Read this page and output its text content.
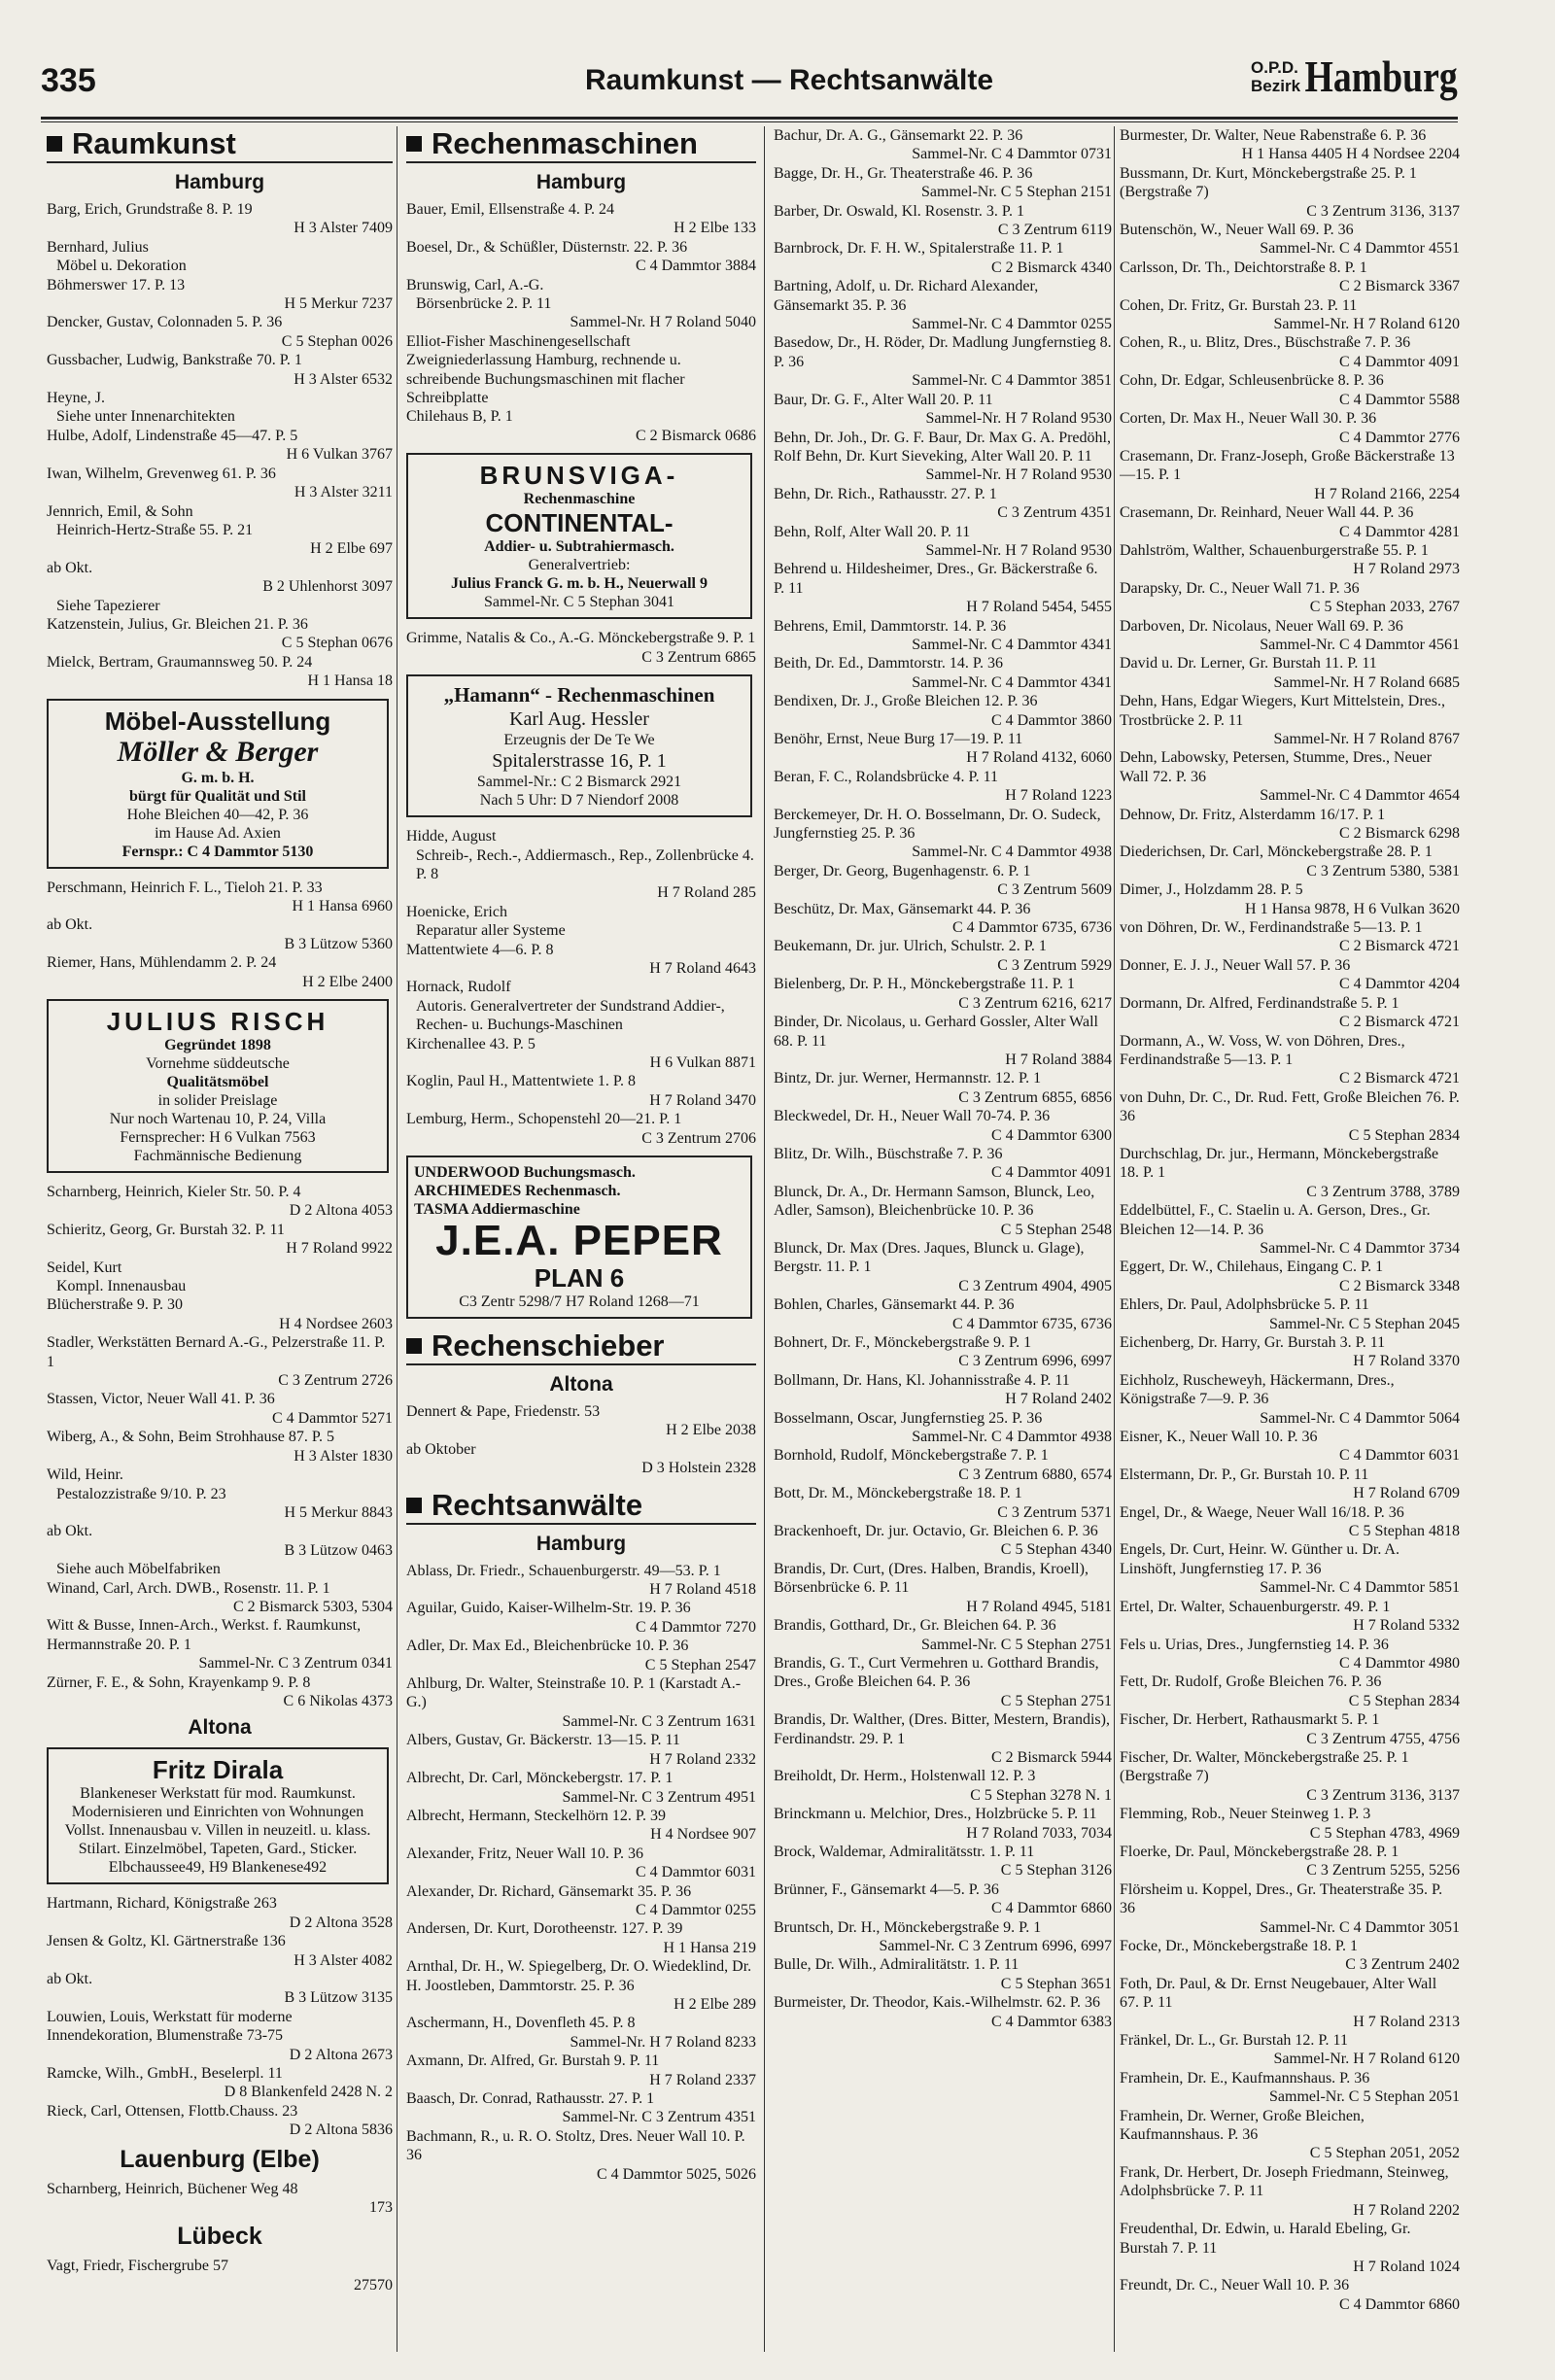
335	Raumkunst — Rechtsanwälte	O.P.D.
Bezirk Hamburg
Raumkunst
Hamburg

Barg, Erich, Grundstraße 8. P. 19

H 3 Alster 7409

Bernhard, Julius

Möbel u. Dekoration

Böhmerswег 17. P. 13

H 5 Merkur 7237

Dencker, Gustav, Colonnaden 5. P. 36

C 5 Stephan 0026

Gussbacher, Ludwig, Bankstraße 70. P. 1

H 3 Alster 6532

Heyne, J.

Siehe unter Innenarchitekten

Hulbe, Adolf, Lindenstraße 45—47. P. 5

H 6 Vulkan 3767

Iwan, Wilhelm, Grevenweg 61. P. 36

H 3 Alster 3211

Jennrich, Emil, & Sohn

Heinrich-Hertz-Straße 55. P. 21

H 2 Elbe 697

ab Okt.

B 2 Uhlenhorst 3097

Siehe Tapezierer

Katzenstein, Julius, Gr. Bleichen 21. P. 36

C 5 Stephan 0676

Mielck, Bertram, Graumannsweg 50. P. 24

H 1 Hansa 18

Möbel-Ausstellung

Möller & Berger

G. m. b. H.

bürgt für Qualität und Stil

Hohe Bleichen 40—42, P. 36

im Hause Ad. Axien

Fernspr.: C 4 Dammtor 5130

Perschmann, Heinrich F. L., Tieloh 21. P. 33

H 1 Hansa 6960

ab Okt.

B 3 Lützow 5360

Riemer, Hans, Mühlendamm 2. P. 24

H 2 Elbe 2400

JULIUS RISCH

Gegründet 1898

Vornehme süddeutsche

Qualitätsmöbel

in solider Preislage

Nur noch Wartenau 10, P. 24, Villa

Fernsprecher: H 6 Vulkan 7563

Fachmännische Bedienung

Scharnberg, Heinrich, Kieler Str. 50. P. 4

D 2 Altona 4053

Schieritz, Georg, Gr. Burstah 32. P. 11

H 7 Roland 9922

Seidel, Kurt

Kompl. Innenausbau

Blücherstraße 9. P. 30

H 4 Nordsee 2603

Stadler, Werkstätten Bernard A.-G., Pelzerstraße 11. P. 1

C 3 Zentrum 2726

Stassen, Victor, Neuer Wall 41. P. 36

C 4 Dammtor 5271

Wiberg, A., & Sohn, Beim Strohhause 87. P. 5

H 3 Alster 1830

Wild, Heinr.

Pestalozzistraße 9/10. P. 23

H 5 Merkur 8843

ab Okt.

B 3 Lützow 0463

Siehe auch Möbelfabriken

Winand, Carl, Arch. DWB., Rosenstr. 11. P. 1

C 2 Bismarck 5303, 5304

Witt & Busse, Innen-Arch., Werkst. f. Raumkunst, Hermannstraße 20. P. 1

Sammel-Nr. C 3 Zentrum 0341

Zürner, F. E., & Sohn, Krayenkamp 9. P. 8

C 6 Nikolas 4373

Altona

Fritz Dirala

Blankeneser Werkstatt für mod. Raumkunst. Modernisieren und Einrichten von Wohnungen Vollst. Innenausbau v. Villen in neuzeitl. u. klass. Stilart. Einzelmöbel, Tapeten, Gard., Sticker.

Elbchaussee49, H9 Blankenese492

Hartmann, Richard, Königstraße 263

D 2 Altona 3528

Jensen & Goltz, Kl. Gärtnerstraße 136

H 3 Alster 4082

ab Okt.

B 3 Lützow 3135

Louwien, Louis, Werkstatt für moderne Innendekoration, Blumenstraße 73-75

D 2 Altona 2673

Ramcke, Wilh., GmbH., Beselerpl. 11

D 8 Blankenfeld 2428 N. 2

Rieck, Carl, Ottensen, Flottb.Chauss. 23

D 2 Altona 5836

Lauenburg (Elbe)

Scharnberg, Heinrich, Büchener Weg 48

173

Lübeck

Vagt, Friedr, Fischergrube 57

27570

Rechenmaschinen
Hamburg

Bauer, Emil, Ellsenstraße 4. P. 24

H 2 Elbe 133

Boesel, Dr., & Schüßler, Düsternstr. 22. P. 36

C 4 Dammtor 3884

Brunswig, Carl, A.-G.

Börsenbrücke 2. P. 11

Sammel-Nr. H 7 Roland 5040

Elliot-Fisher Maschinengesellschaft Zweigniederlassung Hamburg, rechnende u. schreibende Buchungsmaschinen mit flacher Schreibplatte

Chilehaus B, P. 1

C 2 Bismarck 0686

BRUNSVIGA-

Rechenmaschine

CONTINENTAL-

Addier- u. Subtrahiermasch.

Generalvertrieb:

Julius Franck G. m. b. H., Neuerwall 9

Sammel-Nr. C 5 Stephan 3041

Grimme, Natalis & Co., A.-G. Mönckebergstraße 9. P. 1

C 3 Zentrum 6865

„Hamann“ - Rechenmaschinen

Karl Aug. Hessler

Erzeugnis der De Te We

Spitalerstrasse 16, P. 1

Sammel-Nr.: C 2 Bismarck 2921

Nach 5 Uhr: D 7 Niendorf 2008

Hidde, August

Schreib-, Rech.-, Addiermasch., Rep., Zollenbrücke 4. P. 8

H 7 Roland 285

Hoenicke, Erich

Reparatur aller Systeme

Mattentwiete 4—6. P. 8

H 7 Roland 4643

Hornack, Rudolf

Autoris. Generalvertreter der Sundstrand Addier-, Rechen- u. Buchungs-Maschinen

Kirchenallee 43. P. 5

H 6 Vulkan 8871

Koglin, Paul H., Mattentwiete 1. P. 8

H 7 Roland 3470

Lemburg, Herm., Schopenstehl 20—21. P. 1

C 3 Zentrum 2706

UNDERWOOD Buchungsmasch.

ARCHIMEDES Rechenmasch.

TASMA Addiermaschine

J.E.A. PEPER

PLAN 6

C3 Zentr 5298/7 H7 Roland 1268—71

Rechenschieber
Altona

Dennert & Pape, Friedenstr. 53

H 2 Elbe 2038

ab Oktober

D 3 Holstein 2328

Rechtsanwälte
Hamburg

Ablass, Dr. Friedr., Schauenburgerstr. 49—53. P. 1

H 7 Roland 4518

Aguilar, Guido, Kaiser-Wilhelm-Str. 19. P. 36

C 4 Dammtor 7270

Adler, Dr. Max Ed., Bleichenbrücke 10. P. 36

C 5 Stephan 2547

Ahlburg, Dr. Walter, Steinstraße 10. P. 1 (Karstadt A.-G.)

Sammel-Nr. C 3 Zentrum 1631

Albers, Gustav, Gr. Bäckerstr. 13—15. P. 11

H 7 Roland 2332

Albrecht, Dr. Carl, Mönckebergstr. 17. P. 1

Sammel-Nr. C 3 Zentrum 4951

Albrecht, Hermann, Steckelhörn 12. P. 39

H 4 Nordsee 907

Alexander, Fritz, Neuer Wall 10. P. 36

C 4 Dammtor 6031

Alexander, Dr. Richard, Gänsemarkt 35. P. 36

C 4 Dammtor 0255

Andersen, Dr. Kurt, Dorotheenstr. 127. P. 39

H 1 Hansa 219

Arnthal, Dr. H., W. Spiegelberg, Dr. O. Wiedeklind, Dr. H. Joostleben, Dammtorstr. 25. P. 36

H 2 Elbe 289

Aschermann, H., Dovenfleth 45. P. 8

Sammel-Nr. H 7 Roland 8233

Axmann, Dr. Alfred, Gr. Burstah 9. P. 11

H 7 Roland 2337

Baasch, Dr. Conrad, Rathausstr. 27. P. 1

Sammel-Nr. C 3 Zentrum 4351

Bachmann, R., u. R. O. Stoltz, Dres. Neuer Wall 10. P. 36

C 4 Dammtor 5025, 5026

Bachur, Dr. A. G., Gänsemarkt 22. P. 36

Sammel-Nr. C 4 Dammtor 0731

Bagge, Dr. H., Gr. Theaterstraße 46. P. 36

Sammel-Nr. C 5 Stephan 2151

Barber, Dr. Oswald, Kl. Rosenstr. 3. P. 1

C 3 Zentrum 6119

Barnbrock, Dr. F. H. W., Spitalerstraße 11. P. 1

C 2 Bismarck 4340

Bartning, Adolf, u. Dr. Richard Alexander, Gänsemarkt 35. P. 36

Sammel-Nr. C 4 Dammtor 0255

Basedow, Dr., H. Röder, Dr. Madlung Jungfernstieg 8. P. 36

Sammel-Nr. C 4 Dammtor 3851

Baur, Dr. G. F., Alter Wall 20. P. 11

Sammel-Nr. H 7 Roland 9530

Behn, Dr. Joh., Dr. G. F. Baur, Dr. Max G. A. Predöhl, Rolf Behn, Dr. Kurt Sieveking, Alter Wall 20. P. 11

Sammel-Nr. H 7 Roland 9530

Behn, Dr. Rich., Rathausstr. 27. P. 1

C 3 Zentrum 4351

Behn, Rolf, Alter Wall 20. P. 11

Sammel-Nr. H 7 Roland 9530

Behrend u. Hildesheimer, Dres., Gr. Bäckerstraße 6. P. 11

H 7 Roland 5454, 5455

Behrens, Emil, Dammtorstr. 14. P. 36

Sammel-Nr. C 4 Dammtor 4341

Beith, Dr. Ed., Dammtorstr. 14. P. 36

Sammel-Nr. C 4 Dammtor 4341

Bendixen, Dr. J., Große Bleichen 12. P. 36

C 4 Dammtor 3860

Benöhr, Ernst, Neue Burg 17—19. P. 11

H 7 Roland 4132, 6060

Beran, F. C., Rolandsbrücke 4. P. 11

H 7 Roland 1223

Berckemeyer, Dr. H. O. Bosselmann, Dr. O. Sudeck, Jungfernstieg 25. P. 36

Sammel-Nr. C 4 Dammtor 4938

Berger, Dr. Georg, Bugenhagenstr. 6. P. 1

C 3 Zentrum 5609

Beschütz, Dr. Max, Gänsemarkt 44. P. 36

C 4 Dammtor 6735, 6736

Beukemann, Dr. jur. Ulrich, Schulstr. 2. P. 1

C 3 Zentrum 5929

Bielenberg, Dr. P. H., Mönckebergstraße 11. P. 1

C 3 Zentrum 6216, 6217

Binder, Dr. Nicolaus, u. Gerhard Gossler, Alter Wall 68. P. 11

H 7 Roland 3884

Bintz, Dr. jur. Werner, Hermannstr. 12. P. 1

C 3 Zentrum 6855, 6856

Bleckwedel, Dr. H., Neuer Wall 70-74. P. 36

C 4 Dammtor 6300

Blitz, Dr. Wilh., Büschstraße 7. P. 36

C 4 Dammtor 4091

Blunck, Dr. A., Dr. Hermann Samson, Blunck, Leo, Adler, Samson), Bleichenbrücke 10. P. 36

C 5 Stephan 2548

Blunck, Dr. Max (Dres. Jaques, Blunck u. Glage), Bergstr. 11. P. 1

C 3 Zentrum 4904, 4905

Bohlen, Charles, Gänsemarkt 44. P. 36

C 4 Dammtor 6735, 6736

Bohnert, Dr. F., Mönckebergstraße 9. P. 1

C 3 Zentrum 6996, 6997

Bollmann, Dr. Hans, Kl. Johannisstraße 4. P. 11

H 7 Roland 2402

Bosselmann, Oscar, Jungfernstieg 25. P. 36

Sammel-Nr. C 4 Dammtor 4938

Bornhold, Rudolf, Mönckebergstraße 7. P. 1

C 3 Zentrum 6880, 6574

Bott, Dr. M., Mönckebergstraße 18. P. 1

C 3 Zentrum 5371

Brackenhoeft, Dr. jur. Octavio, Gr. Bleichen 6. P. 36

C 5 Stephan 4340

Brandis, Dr. Curt, (Dres. Halben, Brandis, Kroell), Börsenbrücke 6. P. 11

H 7 Roland 4945, 5181

Brandis, Gotthard, Dr., Gr. Bleichen 64. P. 36

Sammel-Nr. C 5 Stephan 2751

Brandis, G. T., Curt Vermehren u. Gotthard Brandis, Dres., Große Bleichen 64. P. 36

C 5 Stephan 2751

Brandis, Dr. Walther, (Dres. Bitter, Mestern, Brandis), Ferdinandstr. 29. P. 1

C 2 Bismarck 5944

Breiholdt, Dr. Herm., Holstenwall 12. P. 3

C 5 Stephan 3278 N. 1

Brinckmann u. Melchior, Dres., Holzbrücke 5. P. 11

H 7 Roland 7033, 7034

Brock, Waldemar, Admiralitätsstr. 1. P. 11

C 5 Stephan 3126

Brünner, F., Gänsemarkt 4—5. P. 36

C 4 Dammtor 6860

Bruntsch, Dr. H., Mönckebergstraße 9. P. 1

Sammel-Nr. C 3 Zentrum 6996, 6997

Bulle, Dr. Wilh., Admiralitätstr. 1. P. 11

C 5 Stephan 3651

Burmeister, Dr. Theodor, Kais.-Wilhelmstr. 62. P. 36

C 4 Dammtor 6383

Burmester, Dr. Walter, Neue Rabenstraße 6. P. 36

H 1 Hansa 4405 H 4 Nordsee 2204

Bussmann, Dr. Kurt, Mönckebergstraße 25. P. 1 (Bergstraße 7)

C 3 Zentrum 3136, 3137

Butenschön, W., Neuer Wall 69. P. 36

Sammel-Nr. C 4 Dammtor 4551

Carlsson, Dr. Th., Deichtorstraße 8. P. 1

C 2 Bismarck 3367

Cohen, Dr. Fritz, Gr. Burstah 23. P. 11

Sammel-Nr. H 7 Roland 6120

Cohen, R., u. Blitz, Dres., Büschstraße 7. P. 36

C 4 Dammtor 4091

Cohn, Dr. Edgar, Schleusenbrücke 8. P. 36

C 4 Dammtor 5588

Corten, Dr. Max H., Neuer Wall 30. P. 36

C 4 Dammtor 2776

Crasemann, Dr. Franz-Joseph, Große Bäckerstraße 13—15. P. 1

H 7 Roland 2166, 2254

Crasemann, Dr. Reinhard, Neuer Wall 44. P. 36

C 4 Dammtor 4281

Dahlström, Walther, Schauenburgerstraße 55. P. 1

H 7 Roland 2973

Darapsky, Dr. C., Neuer Wall 71. P. 36

C 5 Stephan 2033, 2767

Darboven, Dr. Nicolaus, Neuer Wall 69. P. 36

Sammel-Nr. C 4 Dammtor 4561

David u. Dr. Lerner, Gr. Burstah 11. P. 11

Sammel-Nr. H 7 Roland 6685

Dehn, Hans, Edgar Wiegers, Kurt Mittelstein, Dres., Trostbrücke 2. P. 11

Sammel-Nr. H 7 Roland 8767

Dehn, Labowsky, Petersen, Stumme, Dres., Neuer Wall 72. P. 36

Sammel-Nr. C 4 Dammtor 4654

Dehnow, Dr. Fritz, Alsterdamm 16/17. P. 1

C 2 Bismarck 6298

Diederichsen, Dr. Carl, Mönckebergstraße 28. P. 1

C 3 Zentrum 5380, 5381

Dimer, J., Holzdamm 28. P. 5

H 1 Hansa 9878, H 6 Vulkan 3620

von Döhren, Dr. W., Ferdinandstraße 5—13. P. 1

C 2 Bismarck 4721

Donner, E. J. J., Neuer Wall 57. P. 36

C 4 Dammtor 4204

Dormann, Dr. Alfred, Ferdinandstraße 5. P. 1

C 2 Bismarck 4721

Dormann, A., W. Voss, W. von Döhren, Dres., Ferdinandstraße 5—13. P. 1

C 2 Bismarck 4721

von Duhn, Dr. C., Dr. Rud. Fett, Große Bleichen 76. P. 36

C 5 Stephan 2834

Durchschlag, Dr. jur., Hermann, Mönckebergstraße 18. P. 1

C 3 Zentrum 3788, 3789

Eddelbüttel, F., C. Staelin u. A. Gerson, Dres., Gr. Bleichen 12—14. P. 36

Sammel-Nr. C 4 Dammtor 3734

Eggert, Dr. W., Chilehaus, Eingang C. P. 1

C 2 Bismarck 3348

Ehlers, Dr. Paul, Adolphsbrücke 5. P. 11

Sammel-Nr. C 5 Stephan 2045

Eichenberg, Dr. Harry, Gr. Burstah 3. P. 11

H 7 Roland 3370

Eichholz, Ruscheweyh, Häckermann, Dres., Königstraße 7—9. P. 36

Sammel-Nr. C 4 Dammtor 5064

Eisner, K., Neuer Wall 10. P. 36

C 4 Dammtor 6031

Elstermann, Dr. P., Gr. Burstah 10. P. 11

H 7 Roland 6709

Engel, Dr., & Waege, Neuer Wall 16/18. P. 36

C 5 Stephan 4818

Engels, Dr. Curt, Heinr. W. Günther u. Dr. A. Linshöft, Jungfernstieg 17. P. 36

Sammel-Nr. C 4 Dammtor 5851

Ertel, Dr. Walter, Schauenburgerstr. 49. P. 1

H 7 Roland 5332

Fels u. Urias, Dres., Jungfernstieg 14. P. 36

C 4 Dammtor 4980

Fett, Dr. Rudolf, Große Bleichen 76. P. 36

C 5 Stephan 2834

Fischer, Dr. Herbert, Rathausmarkt 5. P. 1

C 3 Zentrum 4755, 4756

Fischer, Dr. Walter, Mönckebergstraße 25. P. 1 (Bergstraße 7)

C 3 Zentrum 3136, 3137

Flemming, Rob., Neuer Steinweg 1. P. 3

C 5 Stephan 4783, 4969

Floerke, Dr. Paul, Mönckebergstraße 28. P. 1

C 3 Zentrum 5255, 5256

Flörsheim u. Koppel, Dres., Gr. Theaterstraße 35. P. 36

Sammel-Nr. C 4 Dammtor 3051

Focke, Dr., Mönckebergstraße 18. P. 1

C 3 Zentrum 2402

Foth, Dr. Paul, & Dr. Ernst Neugebauer, Alter Wall 67. P. 11

H 7 Roland 2313

Fränkel, Dr. L., Gr. Burstah 12. P. 11

Sammel-Nr. H 7 Roland 6120

Framhein, Dr. E., Kaufmannshaus. P. 36

Sammel-Nr. C 5 Stephan 2051

Framhein, Dr. Werner, Große Bleichen, Kaufmannshaus. P. 36

C 5 Stephan 2051, 2052

Frank, Dr. Herbert, Dr. Joseph Friedmann, Steinweg, Adolphsbrücke 7. P. 11

H 7 Roland 2202

Freudenthal, Dr. Edwin, u. Harald Ebeling, Gr. Burstah 7. P. 11

H 7 Roland 1024

Freundt, Dr. C., Neuer Wall 10. P. 36

C 4 Dammtor 6860
